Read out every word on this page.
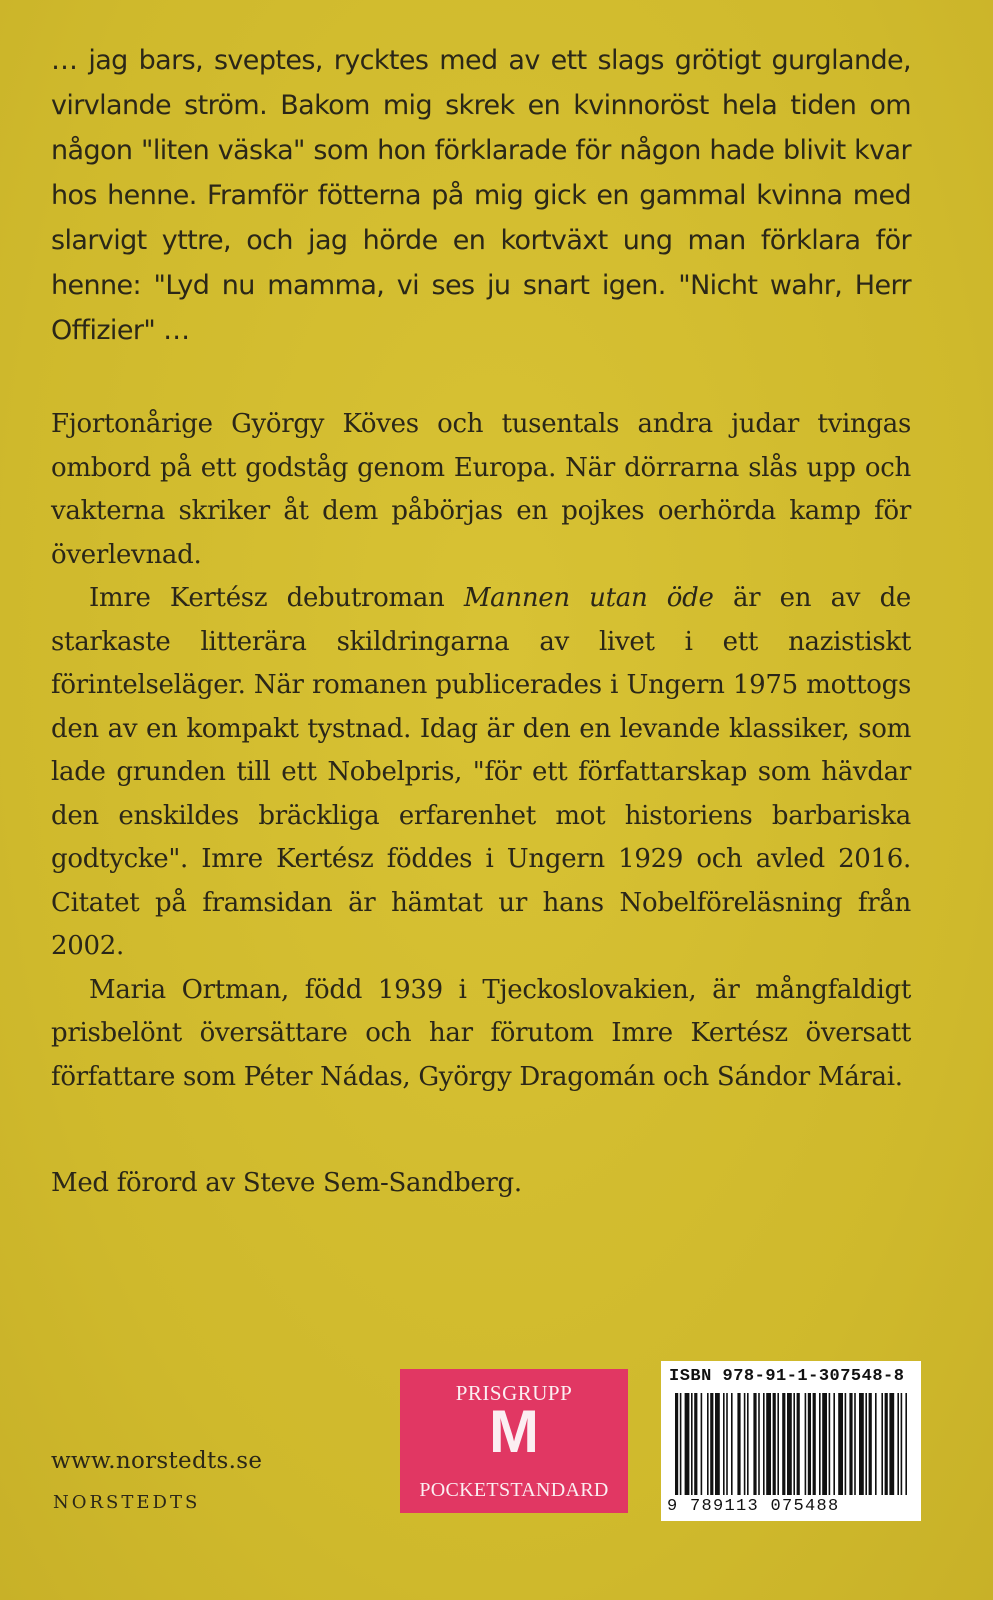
… jag bars, sveptes, rycktes med av ett slags grötigt gurglande, virvlande ström. Bakom mig skrek en kvinnoröst hela tiden om någon "liten väska" som hon förklarade för någon hade blivit kvar hos henne. Framför fötterna på mig gick en gammal kvinna med slarvigt yttre, och jag hörde en kortväxt ung man förklara för henne: "Lyd nu mamma, vi ses ju snart igen. "Nicht wahr, Herr Offizier" …

Fjortonårige György Köves och tusentals andra judar tvingas ombord på ett godståg genom Europa. När dörrarna slås upp och vakterna skriker åt dem påbörjas en pojkes oerhörda kamp för överlevnad.

Imre Kertész debutroman Mannen utan öde är en av de starkaste litterära skildringarna av livet i ett nazistiskt förintelseläger. När romanen publicerades i Ungern 1975 mottogs den av en kompakt tystnad. Idag är den en levande klassiker, som lade grunden till ett Nobelpris, "för ett författarskap som hävdar den enskildes bräckliga erfarenhet mot historiens barbariska godtycke". Imre Kertész föddes i Ungern 1929 och avled 2016. Citatet på framsidan är hämtat ur hans Nobelföreläsning från 2002.

Maria Ortman, född 1939 i Tjeckoslovakien, är mångfaldigt prisbelönt översättare och har förutom Imre Kertész översatt författare som Péter Nádas, György Dragomán och Sándor Márai.

Med förord av Steve Sem-Sandberg.

www.norstedts.se
NORSTEDTS
PRISGRUPP
M
POCKETSTANDARD
ISBN 978-91-1-307548-8
9 789113 075488
